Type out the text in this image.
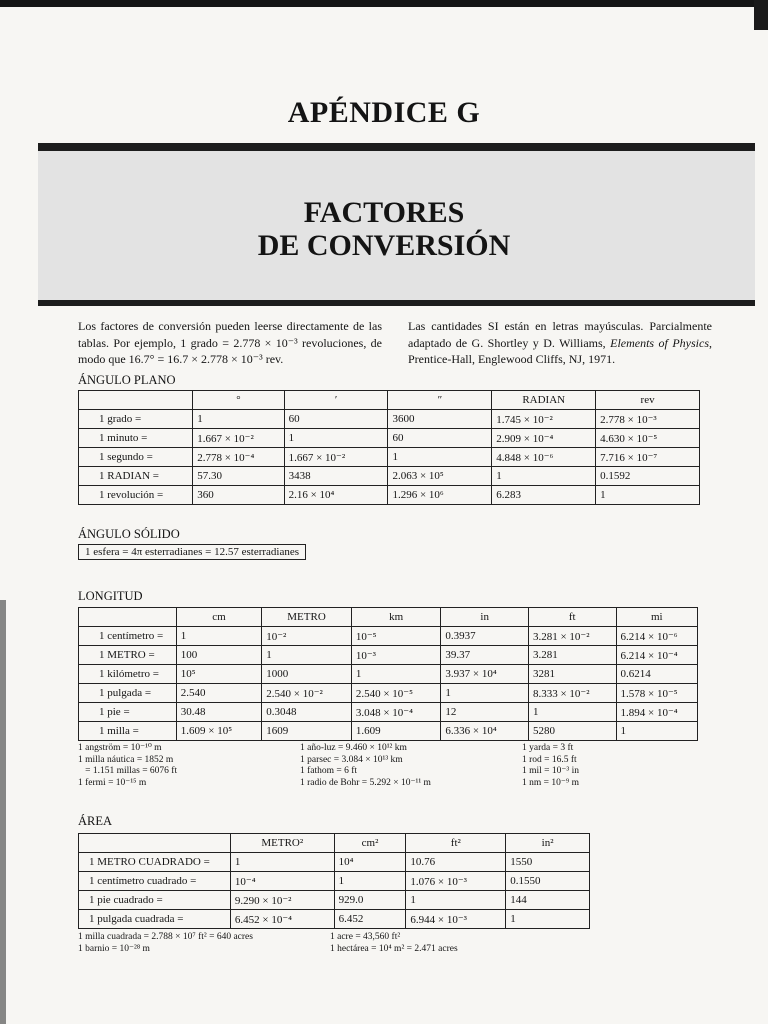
APÉNDICE G
FACTORES
DE CONVERSIÓN
Los factores de conversión pueden leerse directamente de las tablas. Por ejemplo, 1 grado = 2.778 × 10⁻³ revoluciones, de modo que 16.7° = 16.7 × 2.778 × 10⁻³ rev.
Las cantidades SI están en letras mayúsculas. Parcialmente adaptado de G. Shortley y D. Williams, Elements of Physics, Prentice-Hall, Englewood Cliffs, NJ, 1971.
ÁNGULO PLANO
	°	′	″	RADIAN	rev
1 grado =	1	60	3600	1.745 × 10⁻²	2.778 × 10⁻³
1 minuto =	1.667 × 10⁻²	1	60	2.909 × 10⁻⁴	4.630 × 10⁻⁵
1 segundo =	2.778 × 10⁻⁴	1.667 × 10⁻²	1	4.848 × 10⁻⁶	7.716 × 10⁻⁷
1 RADIAN =	57.30	3438	2.063 × 10⁵	1	0.1592
1 revolución =	360	2.16 × 10⁴	1.296 × 10⁶	6.283	1
ÁNGULO SÓLIDO
1 esfera = 4π esterradianes = 12.57 esterradianes
LONGITUD
	cm	METRO	km	in	ft	mi
1 centímetro =	1	10⁻²	10⁻⁵	0.3937	3.281 × 10⁻²	6.214 × 10⁻⁶
1 METRO =	100	1	10⁻³	39.37	3.281	6.214 × 10⁻⁴
1 kilómetro =	10⁵	1000	1	3.937 × 10⁴	3281	0.6214
1 pulgada =	2.540	2.540 × 10⁻²	2.540 × 10⁻⁵	1	8.333 × 10⁻²	1.578 × 10⁻⁵
1 pie =	30.48	0.3048	3.048 × 10⁻⁴	12	1	1.894 × 10⁻⁴
1 milla =	1.609 × 10⁵	1609	1.609	6.336 × 10⁴	5280	1
1 angström = 10⁻¹⁰ m
1 milla náutica = 1852 m
= 1.151 millas = 6076 ft
1 fermi = 10⁻¹⁵ m
1 año-luz = 9.460 × 10¹² km
1 parsec = 3.084 × 10¹³ km
1 fathom = 6 ft
1 radio de Bohr = 5.292 × 10⁻¹¹ m
1 yarda = 3 ft
1 rod = 16.5 ft
1 mil = 10⁻³ in
1 nm = 10⁻⁹ m
ÁREA
	METRO²	cm²	ft²	in²
1 METRO CUADRADO =	1	10⁴	10.76	1550
1 centímetro cuadrado =	10⁻⁴	1	1.076 × 10⁻³	0.1550
1 pie cuadrado =	9.290 × 10⁻²	929.0	1	144
1 pulgada cuadrada =	6.452 × 10⁻⁴	6.452	6.944 × 10⁻³	1
1 milla cuadrada = 2.788 × 10⁷ ft² = 640 acres
1 barnio = 10⁻²⁸ m
1 acre = 43,560 ft²
1 hectárea = 10⁴ m² = 2.471 acres
